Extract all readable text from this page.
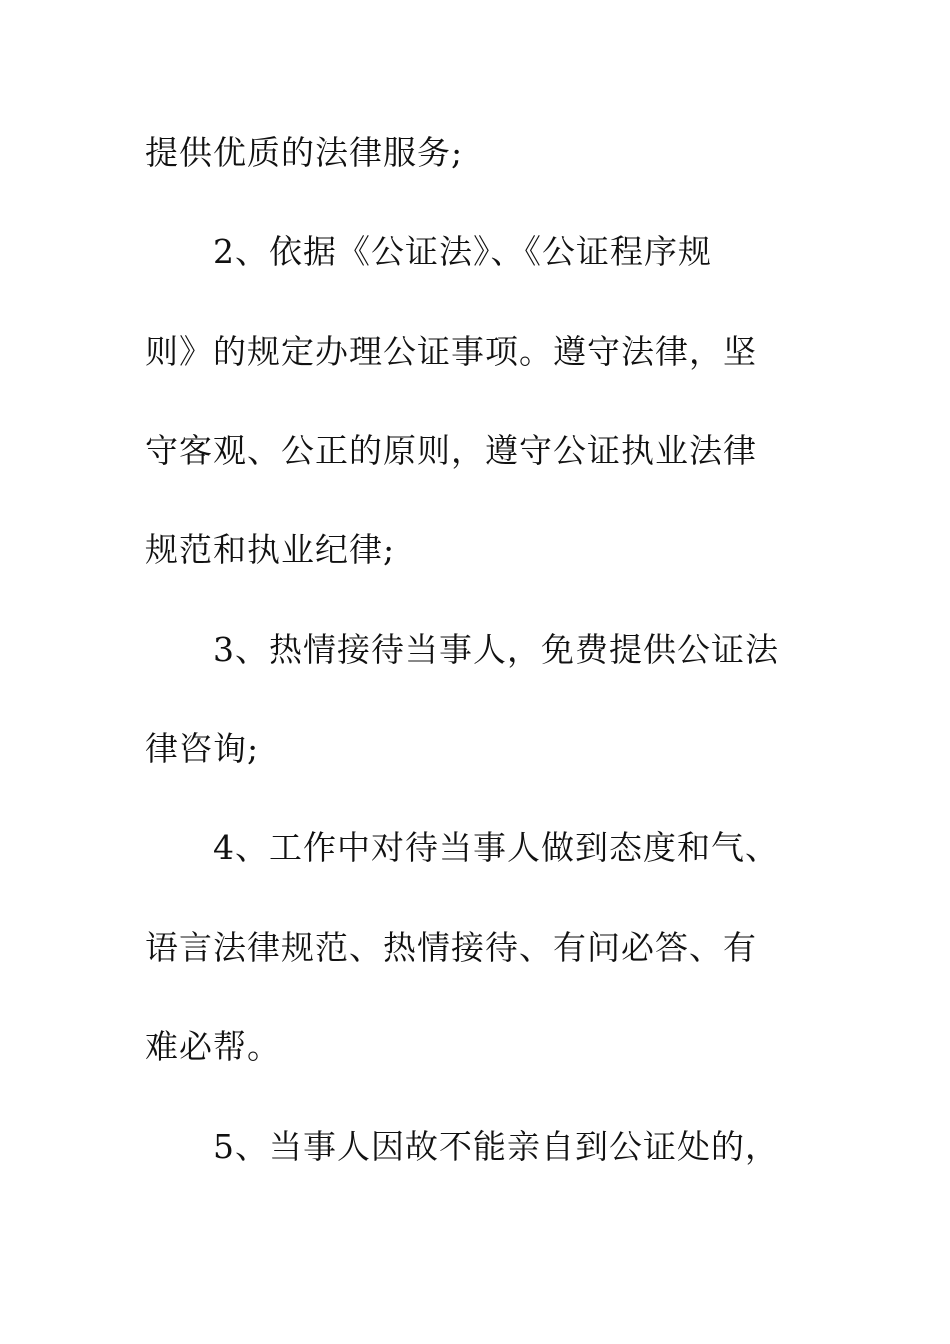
提供优质的法律服务;

2、依据《公证法》、《公证程序规

则》的规定办理公证事项。遵守法律，坚

守客观、公正的原则，遵守公证执业法律

规范和执业纪律;

3、热情接待当事人，免费提供公证法

律咨询;

4、工作中对待当事人做到态度和气、

语言法律规范、热情接待、有问必答、有

难必帮。

5、当事人因故不能亲自到公证处的，
